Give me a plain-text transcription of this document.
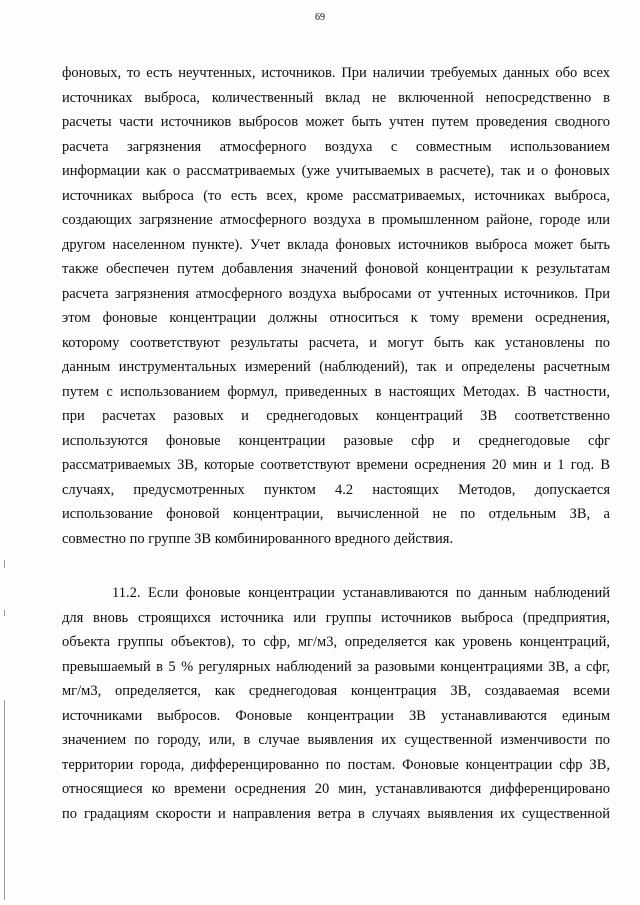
69
фоновых, то есть неучтенных, источников. При наличии требуемых данных обо всех
источниках выброса, количественный вклад не включенной непосредственно в
расчеты части источников выбросов может быть учтен путем проведения сводного
расчета загрязнения атмосферного воздуха с совместным использованием
информации как о рассматриваемых (уже учитываемых в расчете), так и о фоновых
источниках выброса (то есть всех, кроме рассматриваемых, источниках выброса,
создающих загрязнение атмосферного воздуха в промышленном районе, городе или
другом населенном пункте). Учет вклада фоновых источников выброса может быть
также обеспечен путем добавления значений фоновой концентрации к результатам
расчета загрязнения атмосферного воздуха выбросами от учтенных источников. При
этом фоновые концентрации должны относиться к тому времени осреднения,
которому соответствуют результаты расчета, и могут быть как установлены по
данным инструментальных измерений (наблюдений), так и определены расчетным
путем с использованием формул, приведенных в настоящих Методах. В частности,
при расчетах разовых и среднегодовых концентраций ЗВ соответственно
используются фоновые концентрации разовые сфр и среднегодовые сфг
рассматриваемых ЗВ, которые соответствуют времени осреднения 20 мин и 1 год. В
случаях, предусмотренных пунктом 4.2 настоящих Методов, допускается
использование фоновой концентрации, вычисленной не по отдельным ЗВ, а
совместно по группе ЗВ комбинированного вредного действия.
11.2. Если фоновые концентрации устанавливаются по данным наблюдений
для вновь строящихся источника или группы источников выброса (предприятия,
объекта группы объектов), то сфр, мг/м3, определяется как уровень концентраций,
превышаемый в 5 % регулярных наблюдений за разовыми концентрациями ЗВ, а сфг,
мг/м3, определяется, как среднегодовая концентрация ЗВ, создаваемая всеми
источниками выбросов. Фоновые концентрации ЗВ устанавливаются единым
значением по городу, или, в случае выявления их существенной изменчивости по
территории города, дифференцированно по постам. Фоновые концентрации сфр ЗВ,
относящиеся ко времени осреднения 20 мин, устанавливаются дифференцировано
по градациям скорости и направления ветра в случаях выявления их существенной
